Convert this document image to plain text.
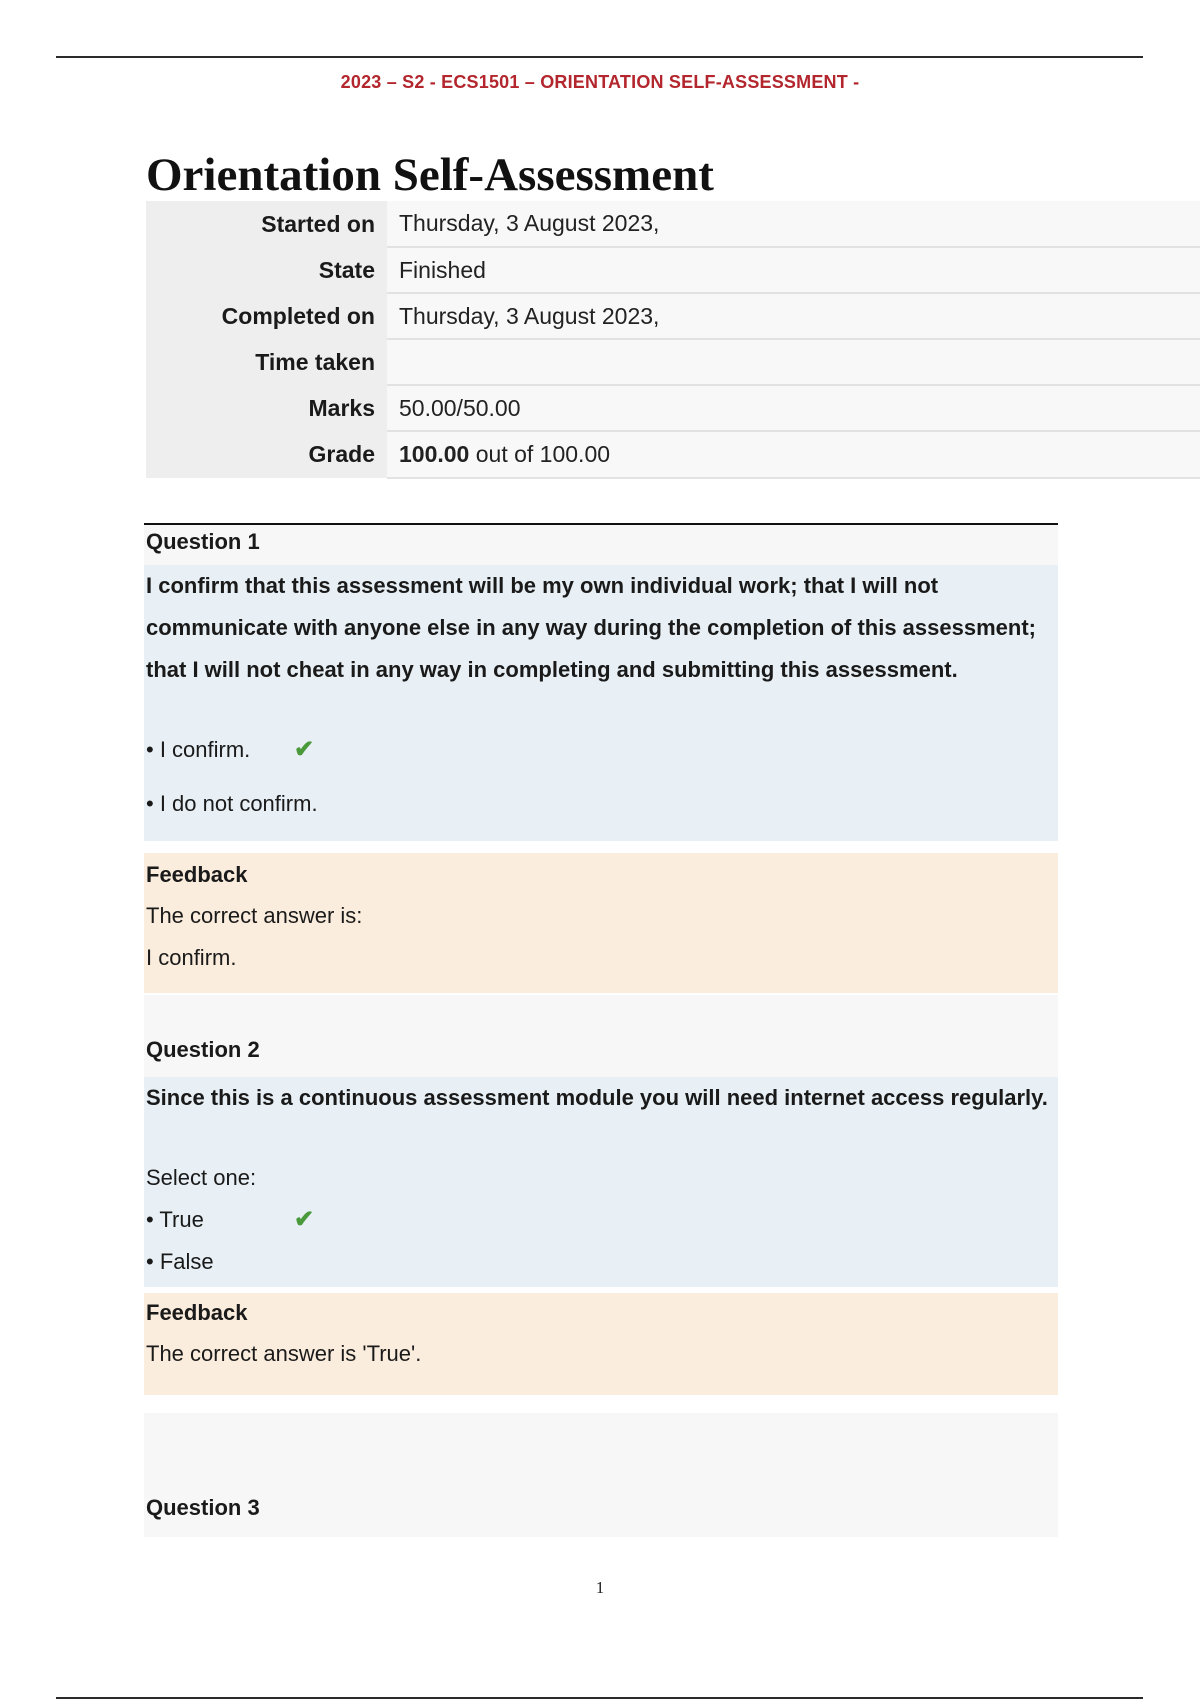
2023 – S2 - ECS1501 – ORIENTATION SELF-ASSESSMENT -
Orientation Self-Assessment
Started on	Thursday, 3 August 2023,
State	Finished
Completed on	Thursday, 3 August 2023,
Time taken	
Marks	50.00/50.00
Grade	100.00 out of 100.00
Question 1
I confirm that this assessment will be my own individual work; that I will not communicate with anyone else in any way during the completion of this assessment; that I will not cheat in any way in completing and submitting this assessment.
• I confirm. ✔
• I do not confirm.
Feedback
The correct answer is:
I confirm.
Question 2
Since this is a continuous assessment module you will need internet access regularly.
Select one:
• True	✔
• False
Feedback
The correct answer is 'True'.
Question 3
1
